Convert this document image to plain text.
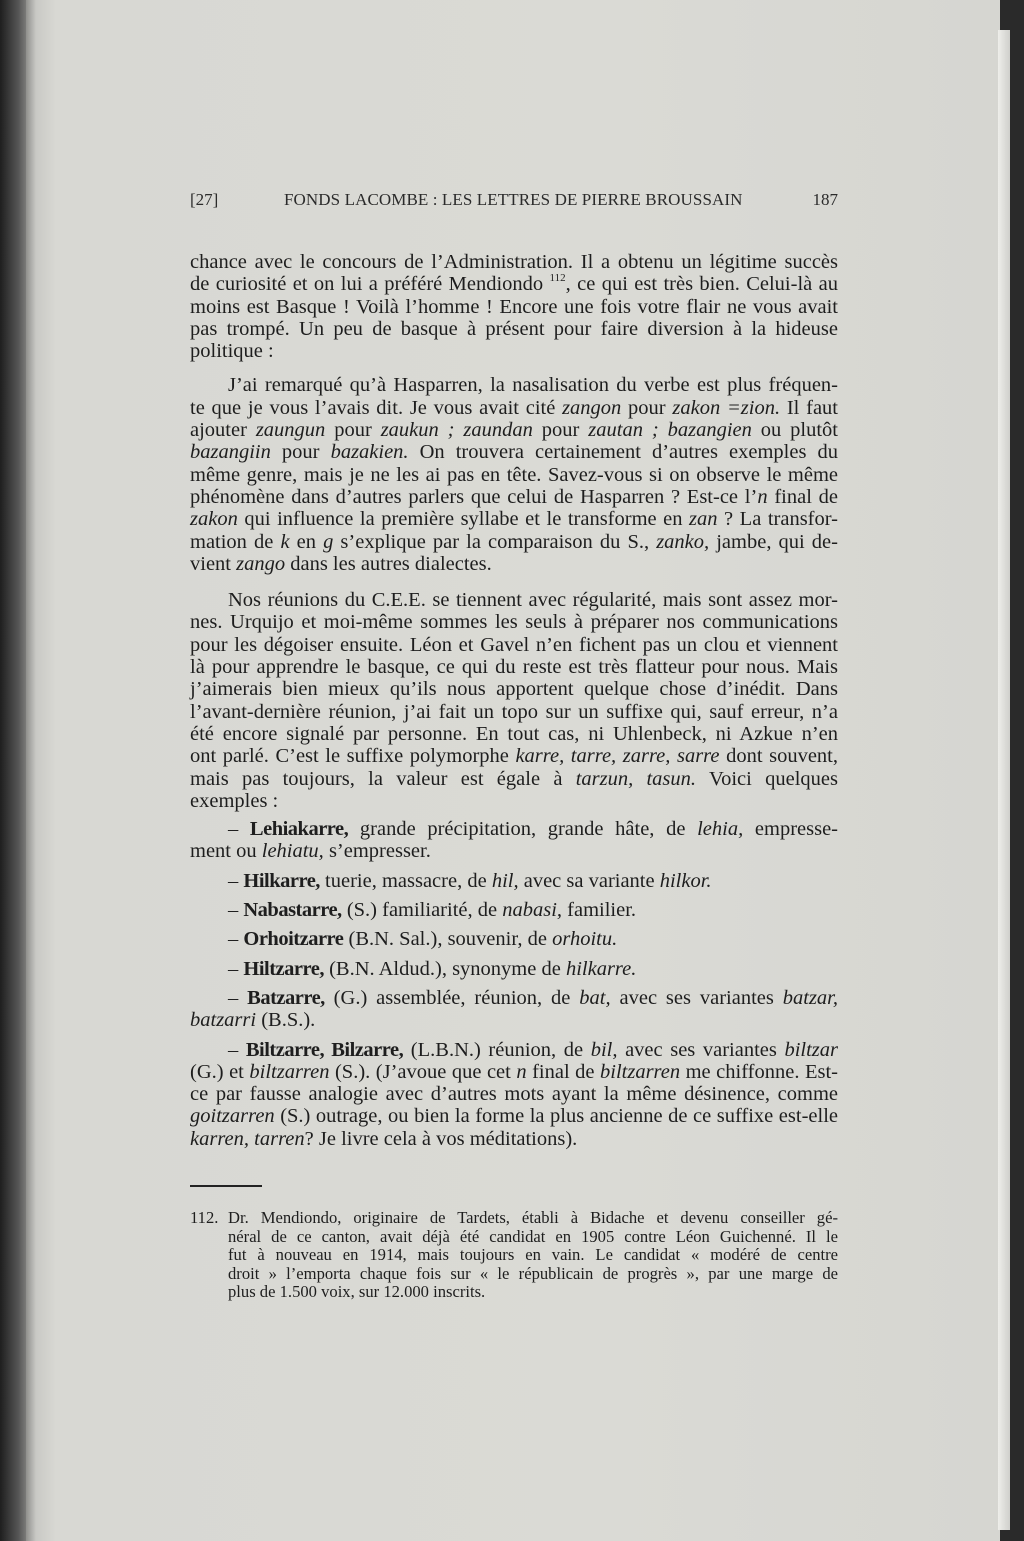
[27]	FONDS LACOMBE : LES LETTRES DE PIERRE BROUSSAIN	187
chance avec le concours de l’Administration. Il a obtenu un légitime succès
de curiosité et on lui a préféré Mendiondo $^{112}$, ce qui est très bien. Celui-là au
moins est Basque ! Voilà l’homme ! Encore une fois votre flair ne vous avait
pas trompé. Un peu de basque à présent pour faire diversion à la hideuse
politique :
J’ai remarqué qu’à Hasparren, la nasalisation du verbe est plus fréquen-
te que je vous l’avais dit. Je vous avait cité zangon pour zakon =zion. Il faut
ajouter zaungun pour zaukun ; zaundan pour zautan ; bazangien ou plutôt
bazangiin pour bazakien. On trouvera certainement d’autres exemples du
même genre, mais je ne les ai pas en tête. Savez-vous si on observe le même
phénomène dans d’autres parlers que celui de Hasparren ? Est-ce l’n final de
zakon qui influence la première syllabe et le transforme en zan ? La transfor-
mation de k en g s’explique par la comparaison du S., zanko, jambe, qui de-
vient zango dans les autres dialectes.
Nos réunions du C.E.E. se tiennent avec régularité, mais sont assez mor-
nes. Urquijo et moi-même sommes les seuls à préparer nos communications
pour les dégoiser ensuite. Léon et Gavel n’en fichent pas un clou et viennent
là pour apprendre le basque, ce qui du reste est très flatteur pour nous. Mais
j’aimerais bien mieux qu’ils nous apportent quelque chose d’inédit. Dans
l’avant-dernière réunion, j’ai fait un topo sur un suffixe qui, sauf erreur, n’a
été encore signalé par personne. En tout cas, ni Uhlenbeck, ni Azkue n’en
ont parlé. C’est le suffixe polymorphe karre, tarre, zarre, sarre dont souvent,
mais pas toujours, la valeur est égale à tarzun, tasun. Voici quelques
exemples :
– Lehiakarre, grande précipitation, grande hâte, de lehia, empresse-
ment ou lehiatu, s’empresser.
– Hilkarre, tuerie, massacre, de hil, avec sa variante hilkor.
– Nabastarre, (S.) familiarité, de nabasi, familier.
– Orhoitzarre (B.N. Sal.), souvenir, de orhoitu.
– Hiltzarre, (B.N. Aldud.), synonyme de hilkarre.
– Batzarre, (G.) assemblée, réunion, de bat, avec ses variantes batzar,
batzarri (B.S.).
– Biltzarre, Bilzarre, (L.B.N.) réunion, de bil, avec ses variantes biltzar
(G.) et biltzarren (S.). (J’avoue que cet n final de biltzarren me chiffonne. Est-
ce par fausse analogie avec d’autres mots ayant la même désinence, comme
goitzarren (S.) outrage, ou bien la forme la plus ancienne de ce suffixe est-elle
karren, tarren? Je livre cela à vos méditations).
112. Dr. Mendiondo, originaire de Tardets, établi à Bidache et devenu conseiller gé-
néral de ce canton, avait déjà été candidat en 1905 contre Léon Guichenné. Il le
fut à nouveau en 1914, mais toujours en vain. Le candidat « modéré de centre
droit » l’emporta chaque fois sur « le républicain de progrès », par une marge de
plus de 1.500 voix, sur 12.000 inscrits.
